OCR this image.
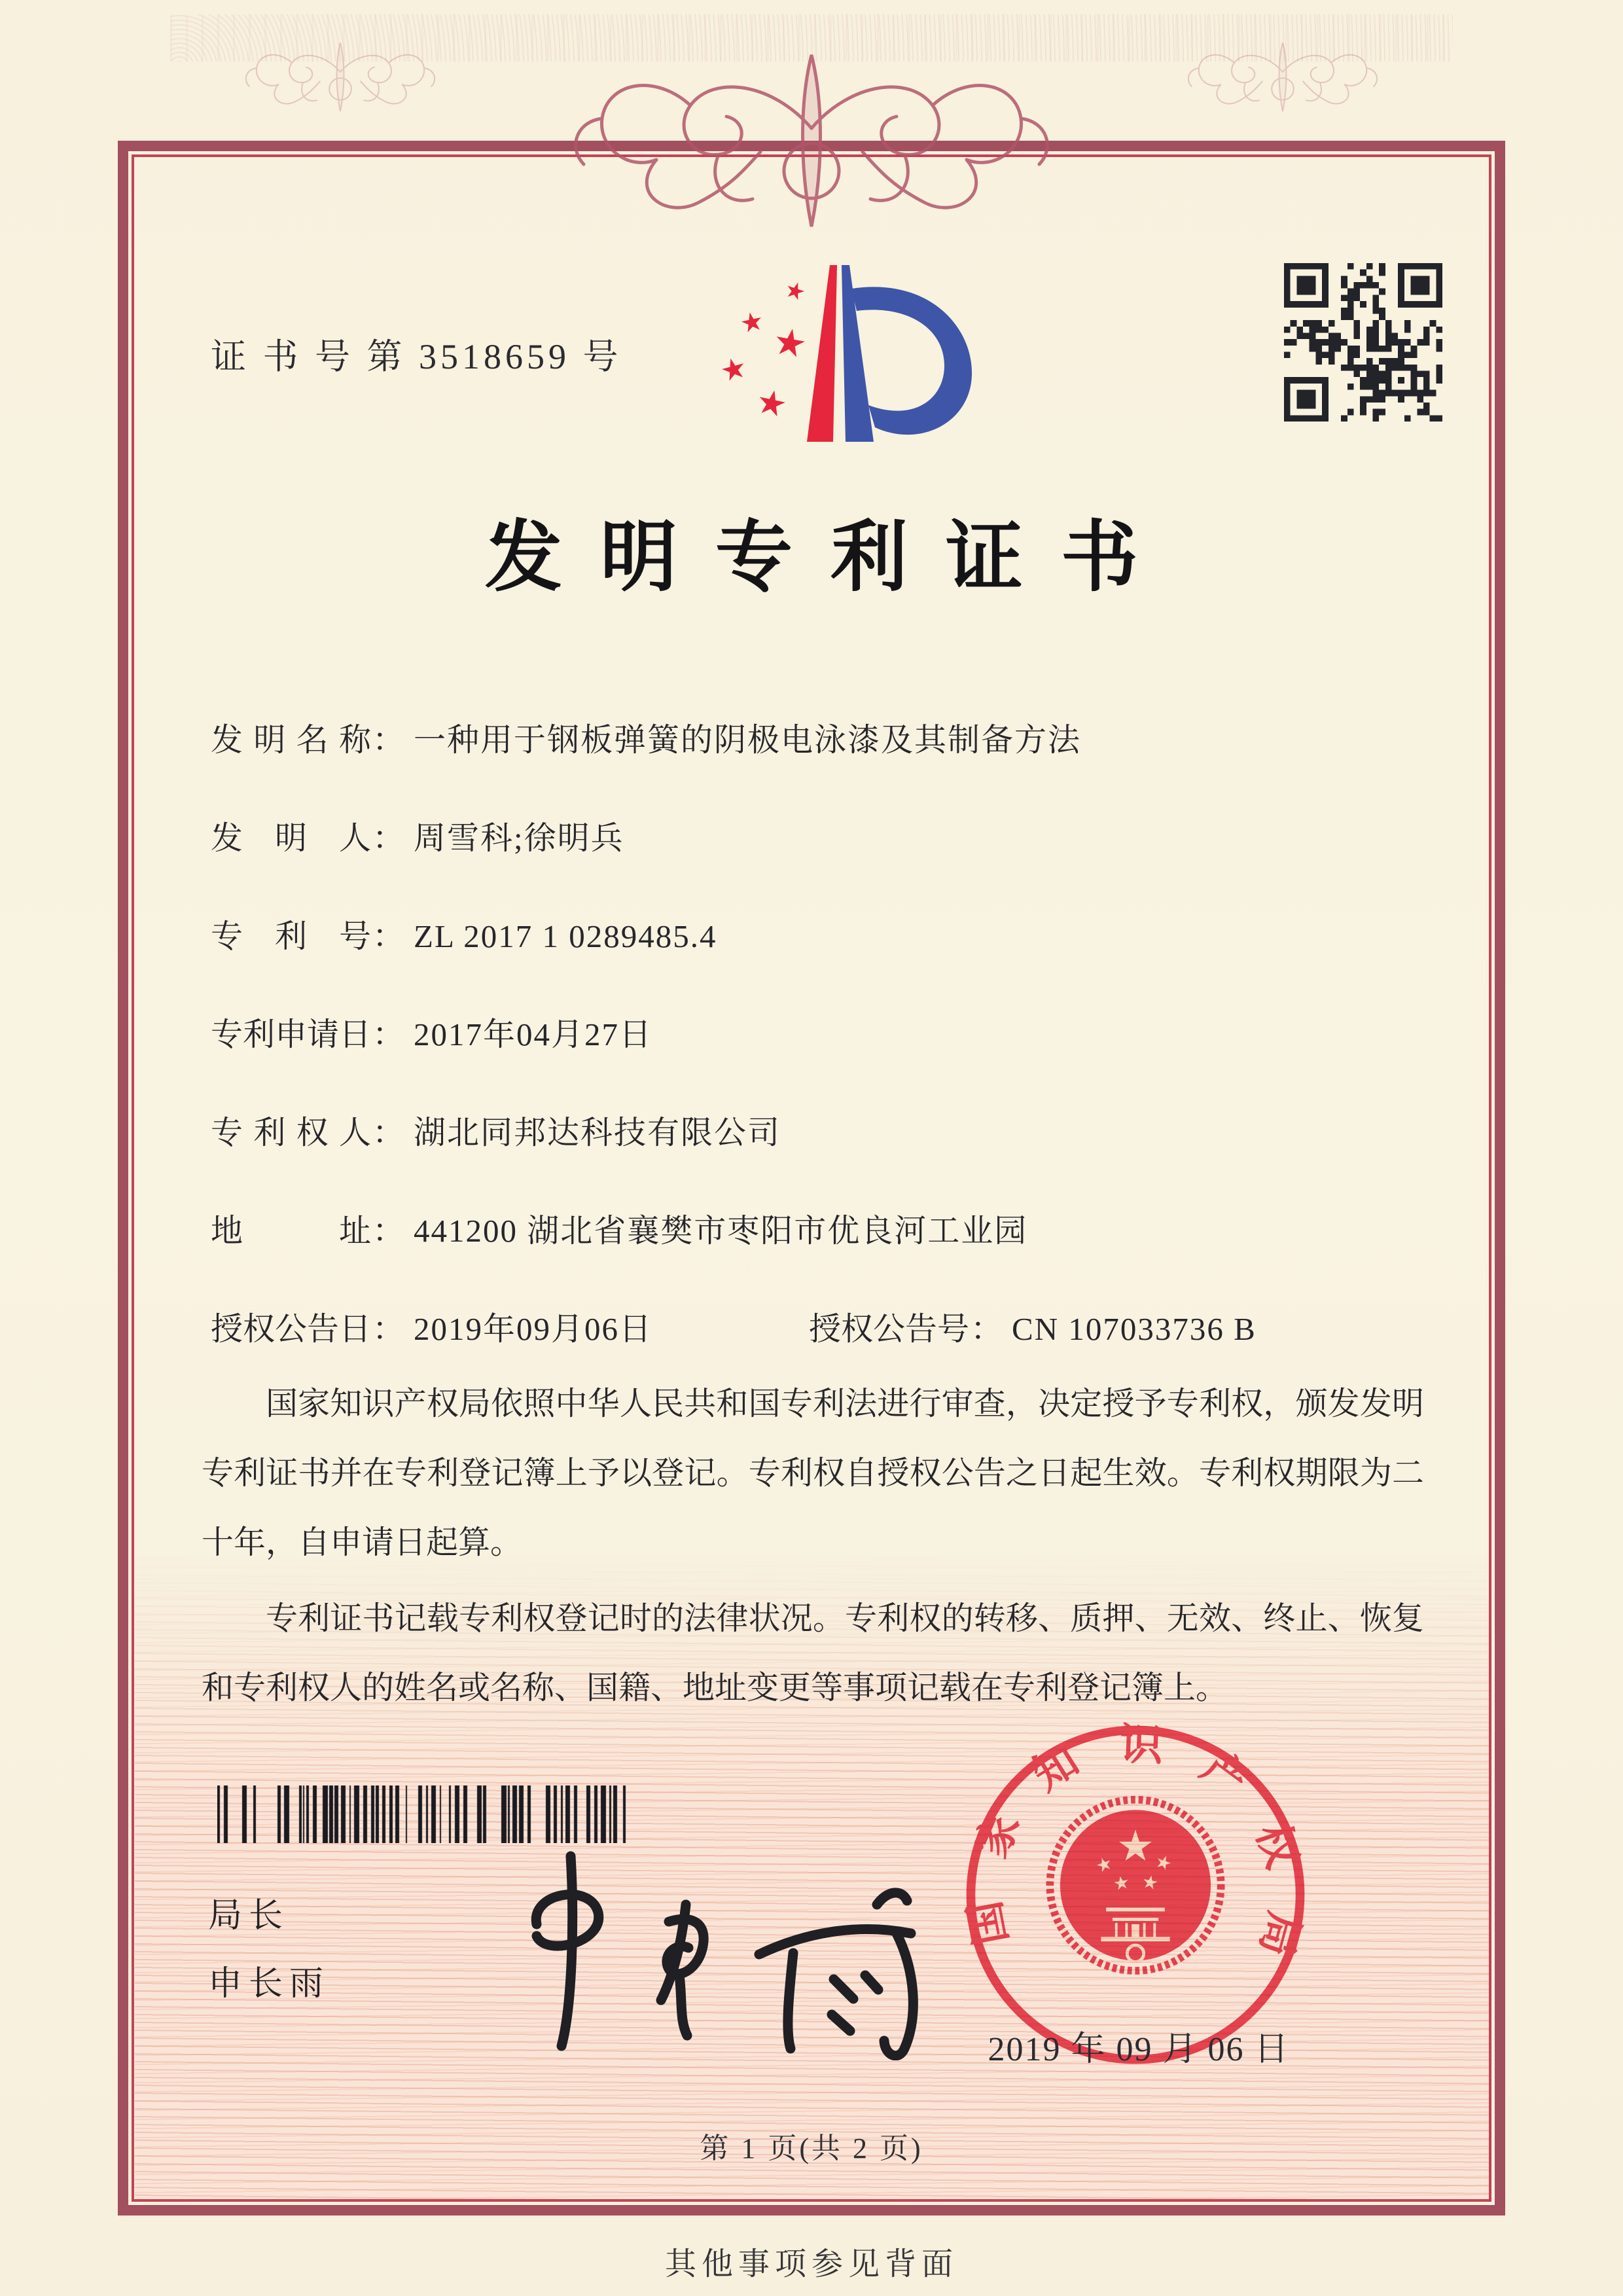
证 书 号 第 3518659 号
发明专利证书
发明名称： 一种用于钢板弹簧的阴极电泳漆及其制备方法
发明人： 周雪科;徐明兵
专利号： ZL 2017 1 0289485.4
专利申请日： 2017年04月27日
专利权人： 湖北同邦达科技有限公司
地址： 441200 湖北省襄樊市枣阳市优良河工业园
授权公告日： 2019年09月06日	授权公告号： CN 107033736 B

国家知识产权局依照中华人民共和国专利法进行审查，决定授予专利权，颁发发明专利证书并在专利登记簿上予以登记。专利权自授权公告之日起生效。专利权期限为二十年，自申请日起算。

专利证书记载专利权登记时的法律状况。专利权的转移、质押、无效、终止、恢复和专利权人的姓名或名称、国籍、地址变更等事项记载在专利登记簿上。

局长
申长雨
国家知识产权局
2019 年 09 月 06 日
第 1 页(共 2 页)
其他事项参见背面
